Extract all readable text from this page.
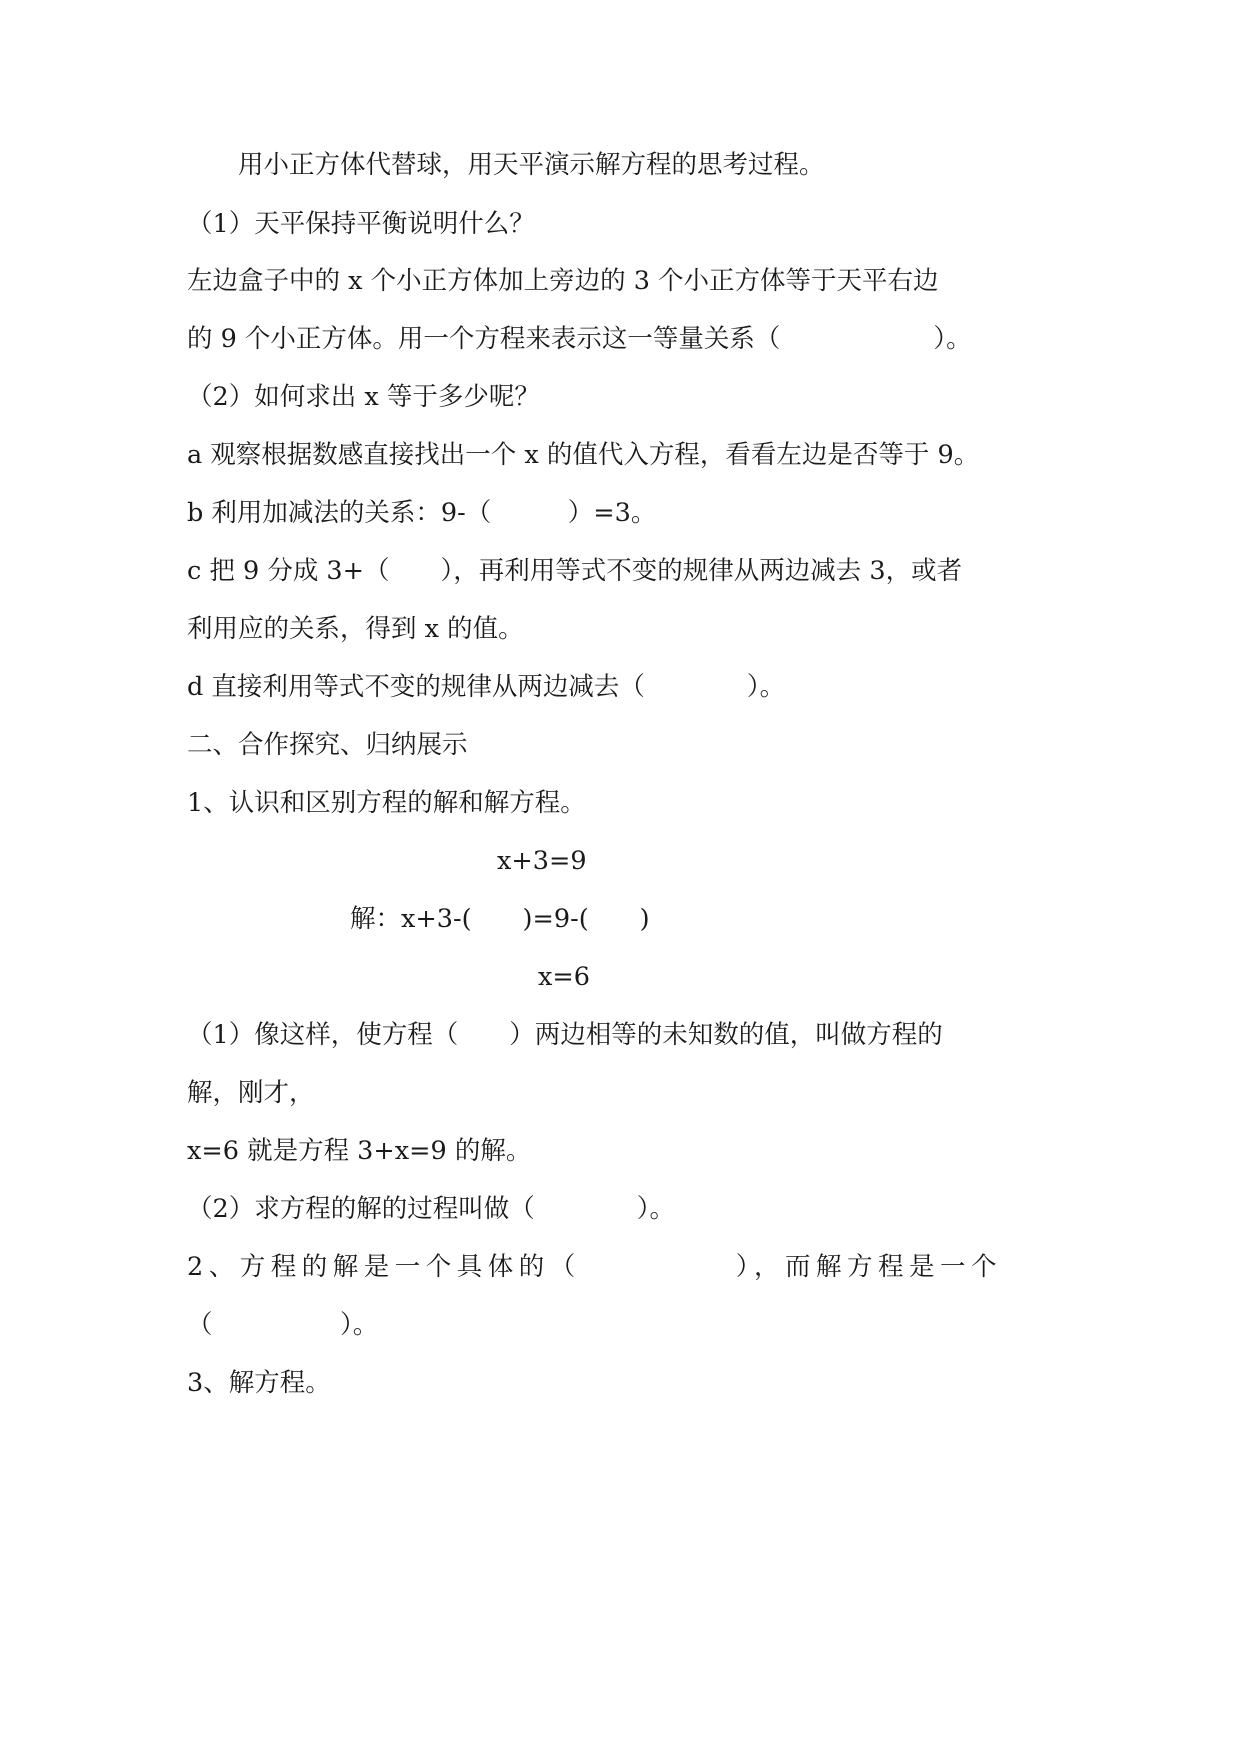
　　用小正方体代替球，用天平演示解方程的思考过程。

（1）天平保持平衡说明什么？

左边盒子中的 x 个小正方体加上旁边的 3 个小正方体等于天平右边

的 9 个小正方体。用一个方程来表示这一等量关系（　　　　　　）。

（2）如何求出 x 等于多少呢？

a 观察根据数感直接找出一个 x 的值代入方程，看看左边是否等于 9。

b 利用加减法的关系：9-（　　　）=3。

c 把 9 分成 3+（　　），再利用等式不变的规律从两边减去 3，或者

利用应的关系，得到 x 的值。

d 直接利用等式不变的规律从两边减去（　　　　）。

二、合作探究、归纳展示

1、认识和区别方程的解和解方程。

x+3=9

解：x+3-(　　)=9-(　　)

x=6

（1）像这样，使方程（　　）两边相等的未知数的值，叫做方程的

解，刚才，

x=6 就是方程 3+x=9 的解。

（2）求方程的解的过程叫做（　　　　）。

2、方程的解是一个具体的（　　　　　），而解方程是一个

（　　　　　）。

3、解方程。
